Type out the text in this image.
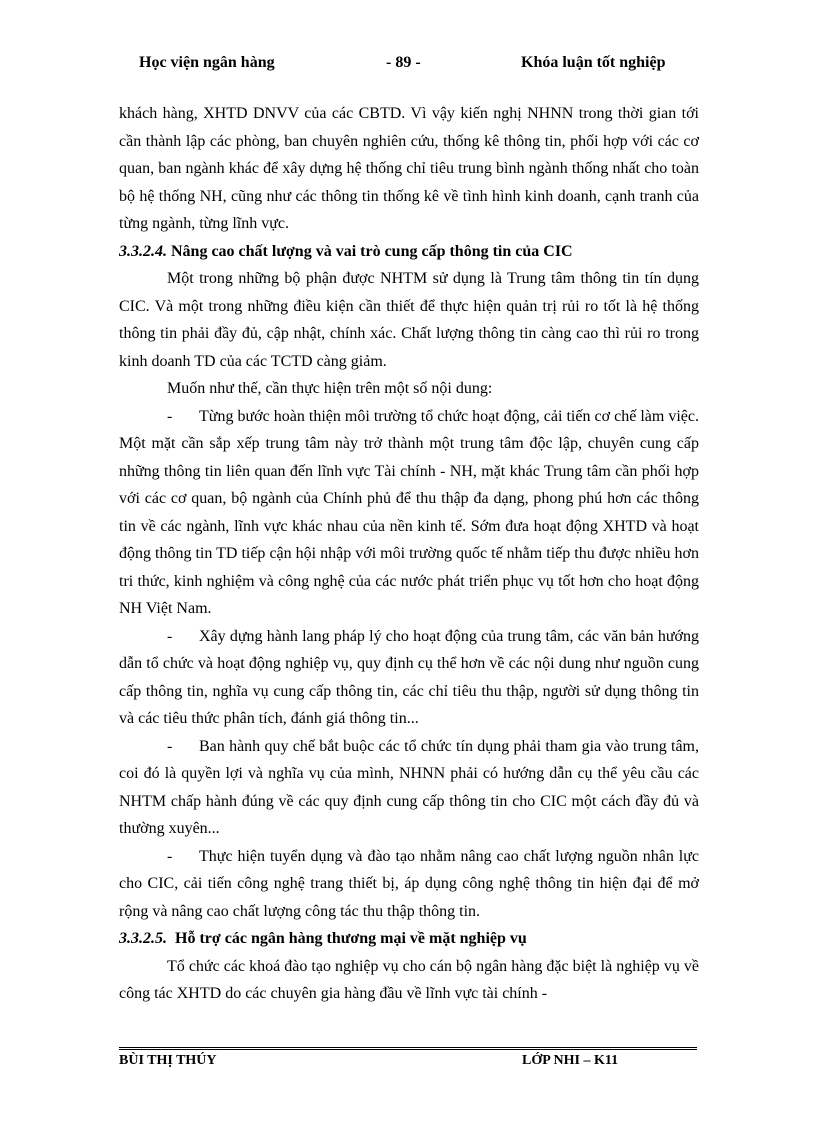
Học viện ngân hàng	- 89 -	Khóa luận tốt nghiệp

khách hàng, XHTD DNVV của các CBTD. Vì vậy kiến nghị NHNN trong thời gian tới cần thành lập các phòng, ban chuyên nghiên cứu, thống kê thông tin, phối hợp với các cơ quan, ban ngành khác để xây dựng hệ thống chỉ tiêu trung bình ngành thống nhất cho toàn bộ hệ thống NH, cũng như các thông tin thống kê về tình hình kinh doanh, cạnh tranh của từng ngành, từng lĩnh vực.

3.3.2.4. Nâng cao chất lượng và vai trò cung cấp thông tin của CIC

Một trong những bộ phận được NHTM sử dụng là Trung tâm thông tin tín dụng CIC. Và một trong những điều kiện cần thiết để thực hiện quản trị rủi ro tốt là hệ thống thông tin phải đầy đủ, cập nhật, chính xác. Chất lượng thông tin càng cao thì rủi ro trong kinh doanh TD của các TCTD càng giảm.

Muốn như thế, cần thực hiện trên một số nội dung:

- Từng bước hoàn thiện môi trường tổ chức hoạt động, cải tiến cơ chế làm việc. Một mặt cần sắp xếp trung tâm này trở thành một trung tâm độc lập, chuyên cung cấp những thông tin liên quan đến lĩnh vực Tài chính - NH, mặt khác Trung tâm cần phối hợp với các cơ quan, bộ ngành của Chính phủ để thu thập đa dạng, phong phú hơn các thông tin về các ngành, lĩnh vực khác nhau của nền kinh tế. Sớm đưa hoạt động XHTD và hoạt động thông tin TD tiếp cận hội nhập với môi trường quốc tế nhằm tiếp thu được nhiều hơn tri thức, kinh nghiệm và công nghệ của các nước phát triển phục vụ tốt hơn cho hoạt động NH Việt Nam.

- Xây dựng hành lang pháp lý cho hoạt động của trung tâm, các văn bản hướng dẫn tổ chức và hoạt động nghiệp vụ, quy định cụ thể hơn về các nội dung như nguồn cung cấp thông tin, nghĩa vụ cung cấp thông tin, các chỉ tiêu thu thập, người sử dụng thông tin và các tiêu thức phân tích, đánh giá thông tin...

- Ban hành quy chế bắt buộc các tổ chức tín dụng phải tham gia vào trung tâm, coi đó là quyền lợi và nghĩa vụ của mình, NHNN phải có hướng dẫn cụ thể yêu cầu các NHTM chấp hành đúng về các quy định cung cấp thông tin cho CIC một cách đầy đủ và thường xuyên...

- Thực hiện tuyển dụng và đào tạo nhằm nâng cao chất lượng nguồn nhân lực cho CIC, cải tiến công nghệ trang thiết bị, áp dụng công nghệ thông tin hiện đại để mở rộng và nâng cao chất lượng công tác thu thập thông tin.

3.3.2.5. Hỗ trợ các ngân hàng thương mại về mặt nghiệp vụ

Tổ chức các khoá đào tạo nghiệp vụ cho cán bộ ngân hàng đặc biệt là nghiệp vụ về công tác XHTD do các chuyên gia hàng đầu về lĩnh vực tài chính -

BÙI THỊ THÚY	LỚP NHI – K11
